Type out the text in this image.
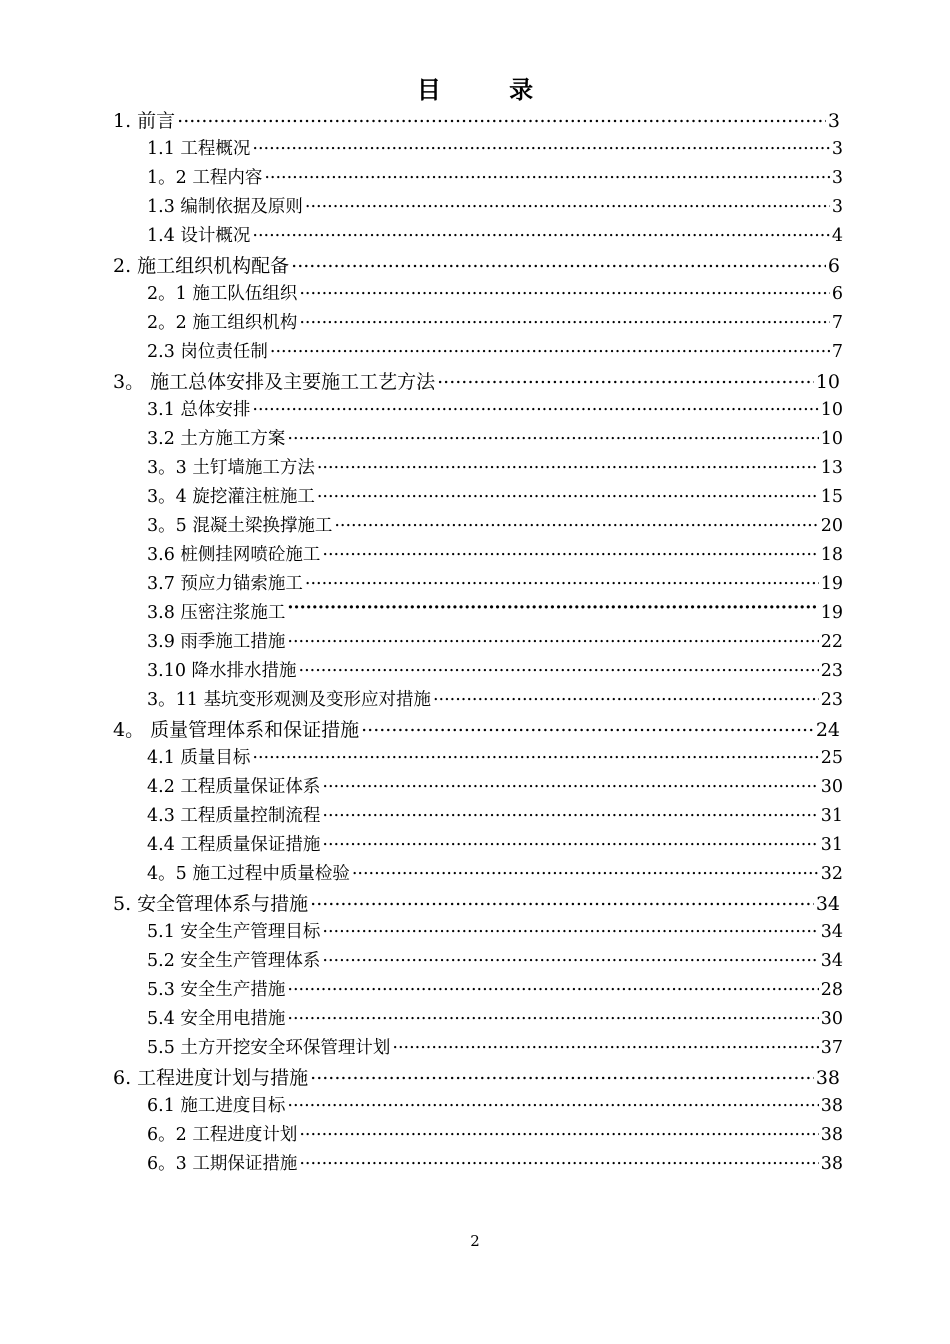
目 录
1. 前言 .....	3
1.1 工程概况 .....	3
1。2 工程内容 .....	3
1.3 编制依据及原则 .....	3
1.4 设计概况 .....	4
2. 施工组织机构配备 .....	6
2。1 施工队伍组织 .....	6
2。2 施工组织机构 .....	7
2.3 岗位责任制 .....	7
3。 施工总体安排及主要施工工艺方法 .....	10
3.1 总体安排 .....	10
3.2 土方施工方案 .....	10
3。3 土钉墙施工方法 .....	13
3。4 旋挖灌注桩施工 .....	15
3。5 混凝土梁换撑施工 .....	20
3.6 桩侧挂网喷砼施工 .....	18
3.7 预应力锚索施工 .....	19
3.8 压密注浆施工 ·····	19
3.9 雨季施工措施 .....	22
3.10 降水排水措施 .....	23
3。11 基坑变形观测及变形应对措施 .....	23
4。 质量管理体系和保证措施 .....	24
4.1 质量目标 .....	25
4.2 工程质量保证体系 .....	30
4.3 工程质量控制流程 .....	31
4.4 工程质量保证措施 .....	31
4。5 施工过程中质量检验 .....	32
5. 安全管理体系与措施 .....	34
5.1 安全生产管理目标 .....	34
5.2 安全生产管理体系 .....	34
5.3 安全生产措施 .....	28
5.4 安全用电措施 .....	30
5.5 土方开挖安全环保管理计划 .....	37
6. 工程进度计划与措施 .....	38
6.1 施工进度目标 .....	38
6。2 工程进度计划 .....	38
6。3 工期保证措施 .....	38
2
